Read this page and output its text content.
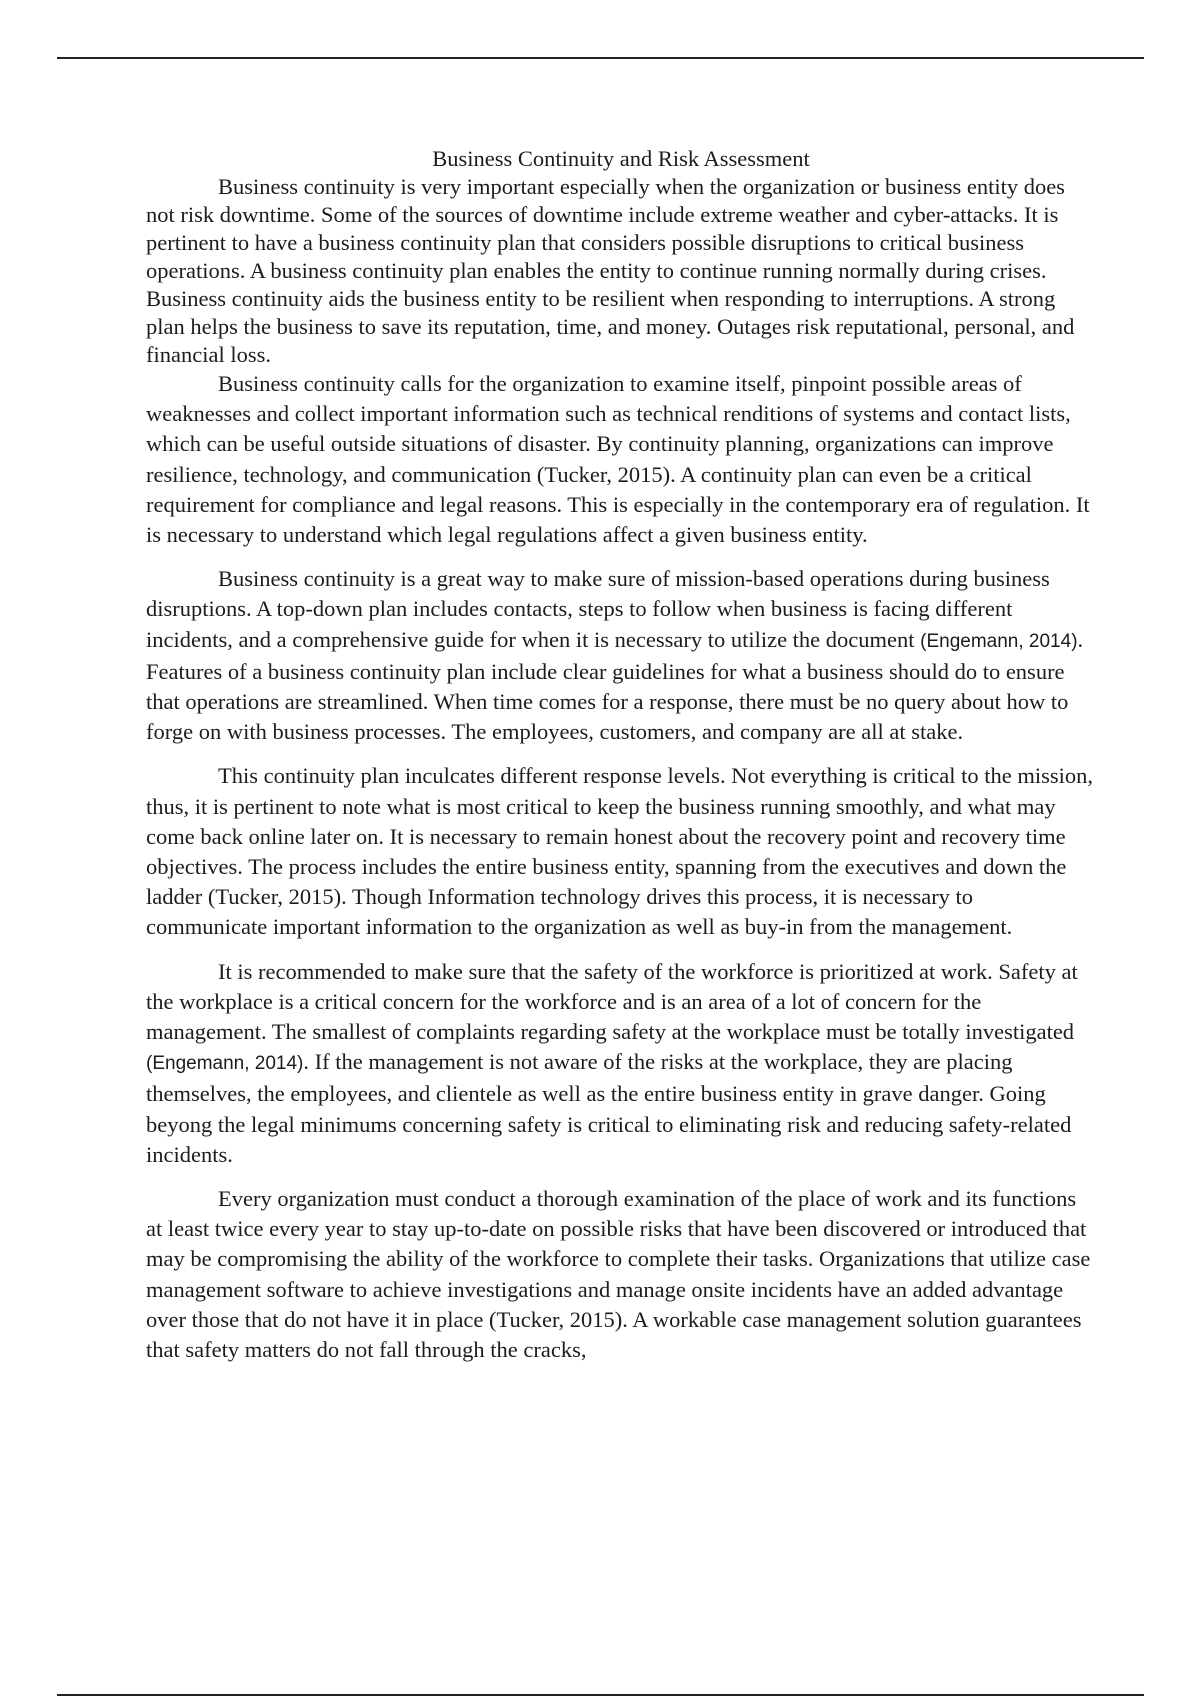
Business Continuity and Risk Assessment

Business continuity is very important especially when the organization or business entity does not risk downtime. Some of the sources of downtime include extreme weather and cyber-attacks. It is pertinent to have a business continuity plan that considers possible disruptions to critical business operations. A business continuity plan enables the entity to continue running normally during crises. Business continuity aids the business entity to be resilient when responding to interruptions. A strong plan helps the business to save its reputation, time, and money. Outages risk reputational, personal, and financial loss.

Business continuity calls for the organization to examine itself, pinpoint possible areas of weaknesses and collect important information such as technical renditions of systems and contact lists, which can be useful outside situations of disaster. By continuity planning, organizations can improve resilience, technology, and communication (Tucker, 2015). A continuity plan can even be a critical requirement for compliance and legal reasons. This is especially in the contemporary era of regulation. It is necessary to understand which legal regulations affect a given business entity.

Business continuity is a great way to make sure of mission-based operations during business disruptions. A top-down plan includes contacts, steps to follow when business is facing different incidents, and a comprehensive guide for when it is necessary to utilize the document (Engemann, 2014). Features of a business continuity plan include clear guidelines for what a business should do to ensure that operations are streamlined. When time comes for a response, there must be no query about how to forge on with business processes. The employees, customers, and company are all at stake.

This continuity plan inculcates different response levels. Not everything is critical to the mission, thus, it is pertinent to note what is most critical to keep the business running smoothly, and what may come back online later on. It is necessary to remain honest about the recovery point and recovery time objectives. The process includes the entire business entity, spanning from the executives and down the ladder (Tucker, 2015). Though Information technology drives this process, it is necessary to communicate important information to the organization as well as buy-in from the management.

It is recommended to make sure that the safety of the workforce is prioritized at work. Safety at the workplace is a critical concern for the workforce and is an area of a lot of concern for the management. The smallest of complaints regarding safety at the workplace must be totally investigated (Engemann, 2014). If the management is not aware of the risks at the workplace, they are placing themselves, the employees, and clientele as well as the entire business entity in grave danger. Going beyong the legal minimums concerning safety is critical to eliminating risk and reducing safety-related incidents.

Every organization must conduct a thorough examination of the place of work and its functions at least twice every year to stay up-to-date on possible risks that have been discovered or introduced that may be compromising the ability of the workforce to complete their tasks. Organizations that utilize case management software to achieve investigations and manage onsite incidents have an added advantage over those that do not have it in place (Tucker, 2015). A workable case management solution guarantees that safety matters do not fall through the cracks,
